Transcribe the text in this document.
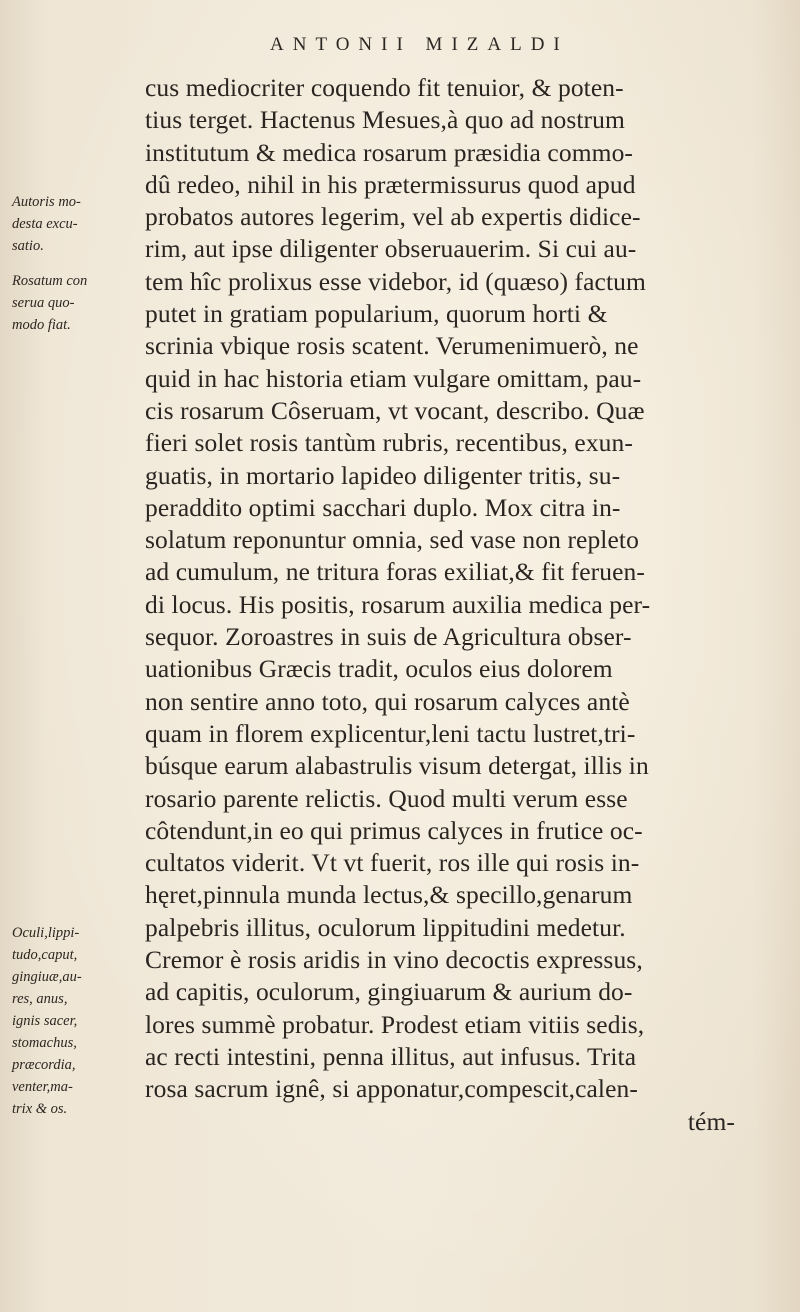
ANTONII MIZALDI
cus mediocriter coquendo fit tenuior, & poten-
tius terget. Hactenus Mesues,à quo ad nostrum
institutum & medica rosarum præsidia commo-
dû redeo, nihil in his prætermissurus quod apud
probatos autores legerim, vel ab expertis didice-
rim, aut ipse diligenter obseruauerim. Si cui au-
tem hîc prolixus esse videbor, id (quæso) factum
putet in gratiam popularium, quorum horti &
scrinia vbique rosis scatent. Verumenimuerò, ne
quid in hac historia etiam vulgare omittam, pau-
cis rosarum Côseruam, vt vocant, describo. Quæ
fieri solet rosis tantùm rubris, recentibus, exun-
guatis, in mortario lapideo diligenter tritis, su-
peraddito optimi sacchari duplo. Mox citra in-
solatum reponuntur omnia, sed vase non repleto
ad cumulum, ne tritura foras exiliat,& fit feruen-
di locus. His positis, rosarum auxilia medica per-
sequor. Zoroastres in suis de Agricultura obser-
uationibus Græcis tradit, oculos eius dolorem
non sentire anno toto, qui rosarum calyces antè
quam in florem explicentur,leni tactu lustret,tri-
búsque earum alabastrulis visum detergat, illis in
rosario parente relictis. Quod multi verum esse
côtendunt,in eo qui primus calyces in frutice oc-
cultatos viderit. Vt vt fuerit, ros ille qui rosis in-
hęret,pinnula munda lectus,& specillo,genarum
palpebris illitus, oculorum lippitudini medetur.
Cremor è rosis aridis in vino decoctis expressus,
ad capitis, oculorum, gingiuarum & aurium do-
lores summè probatur. Prodest etiam vitiis sedis,
ac recti intestini, penna illitus, aut infusus. Trita
rosa sacrum ignê, si apponatur,compescit,calen-
tém-
Autoris mo-
desta excu-
satio.
Rosatum con
serua quo-
modo fiat.
Oculi,lippi-
tudo,caput,
gingiuæ,au-
res, anus,
ignis sacer,
stomachus,
præcordia,
venter,ma-
trix & os.
